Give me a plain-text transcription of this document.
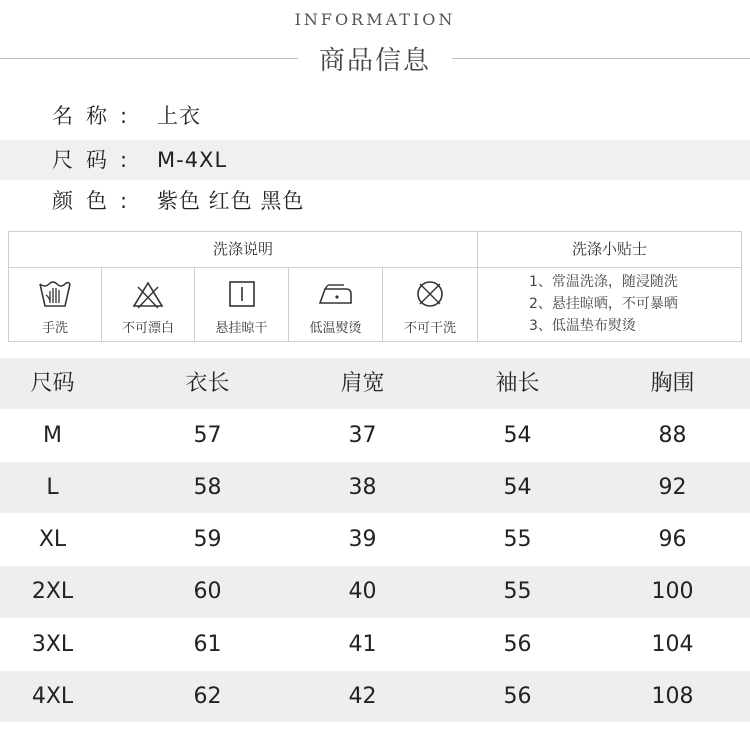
INFORMATION
商品信息
名称: 上衣
尺码: M-4XL
颜色: 紫色 红色 黑色
洗涤说明	洗涤小贴士
手洗	不可漂白	悬挂晾干	低温熨烫	不可干洗
1、常温洗涤，随浸随洗
2、悬挂晾晒，不可暴晒
3、低温垫布熨烫
尺码	衣长	肩宽	袖长	胸围
M	57	37	54	88
L	58	38	54	92
XL	59	39	55	96
2XL	60	40	55	100
3XL	61	41	56	104
4XL	62	42	56	108
